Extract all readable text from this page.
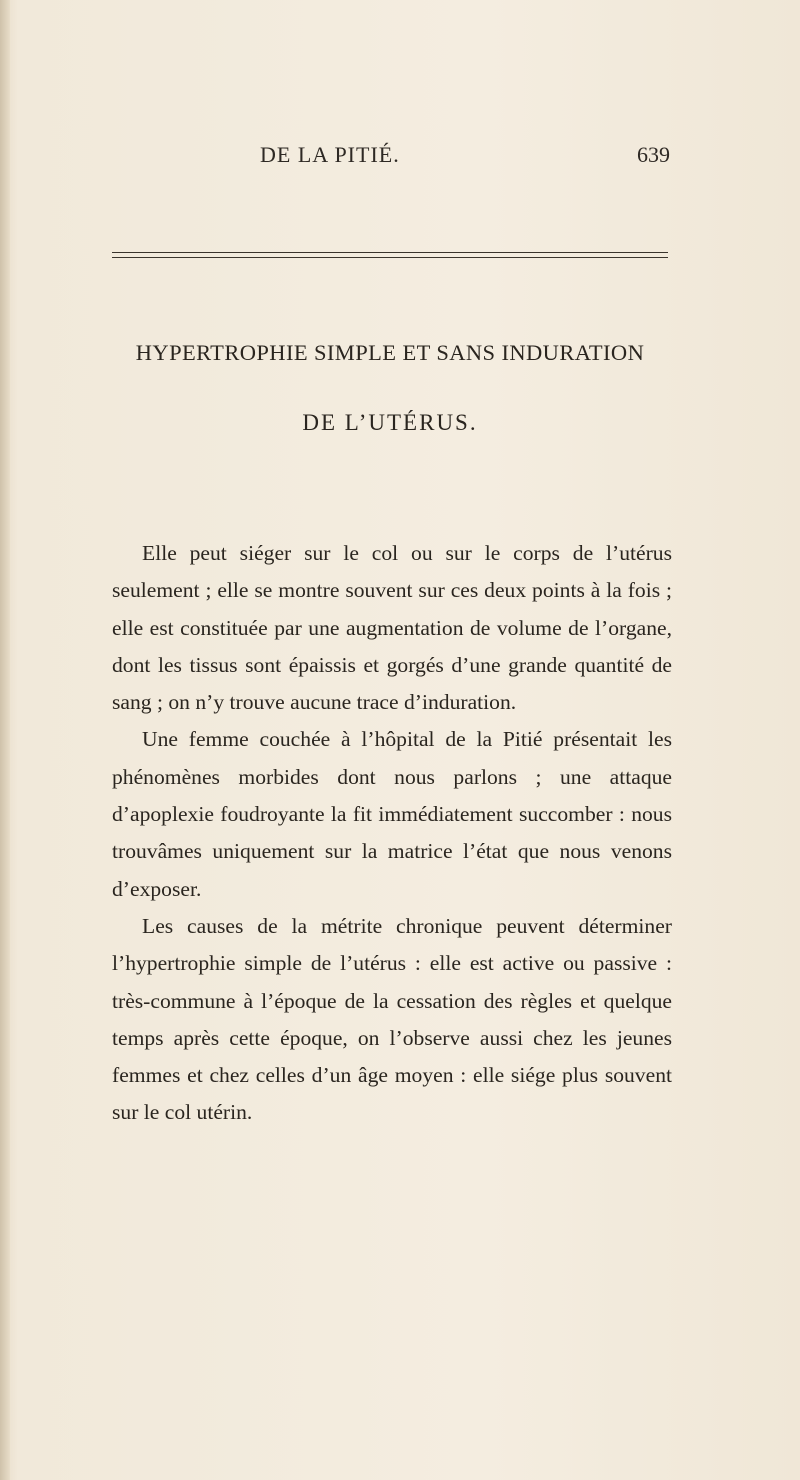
DE LA PITIÉ.	639
HYPERTROPHIE SIMPLE ET SANS INDURATION
DE L’UTÉRUS.

Elle peut siéger sur le col ou sur le corps de l’utérus seulement ; elle se montre souvent sur ces deux points à la fois ; elle est constituée par une augmentation de volume de l’organe, dont les tissus sont épaissis et gorgés d’une grande quantité de sang ; on n’y trouve aucune trace d’induration.

Une femme couchée à l’hôpital de la Pitié présentait les phénomènes morbides dont nous parlons ; une attaque d’apoplexie foudroyante la fit immédiatement succomber : nous trouvâmes uniquement sur la matrice l’état que nous venons d’exposer.

Les causes de la métrite chronique peuvent déterminer l’hypertrophie simple de l’utérus : elle est active ou passive : très-commune à l’époque de la cessation des règles et quelque temps après cette époque, on l’observe aussi chez les jeunes femmes et chez celles d’un âge moyen : elle siége plus souvent sur le col utérin.
